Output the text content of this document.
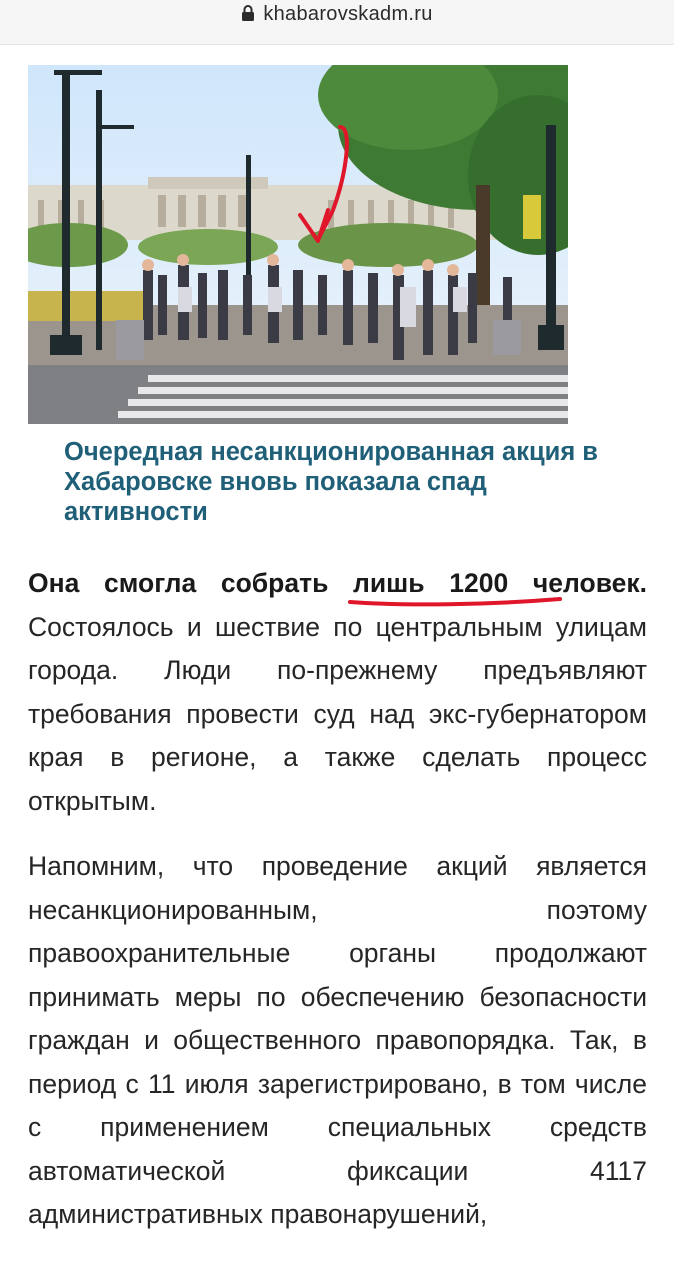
khabarovskadm.ru
Очередная несанкционированная акция в Хабаровске вновь показала спад активности

Она смогла собрать лишь 1200 человек. Состоялось и шествие по центральным улицам города. Люди по-прежнему предъявляют требования провести суд над экс-губернатором края в регионе, а также сделать процесс открытым.

Напомним, что проведение акций является несанкционированным, поэтому правоохранительные органы продолжают принимать меры по обеспечению безопасности граждан и общественного правопорядка. Так, в период с 11 июля зарегистрировано, в том числе с применением специальных средств автоматической фиксации 4117 административных правонарушений,
